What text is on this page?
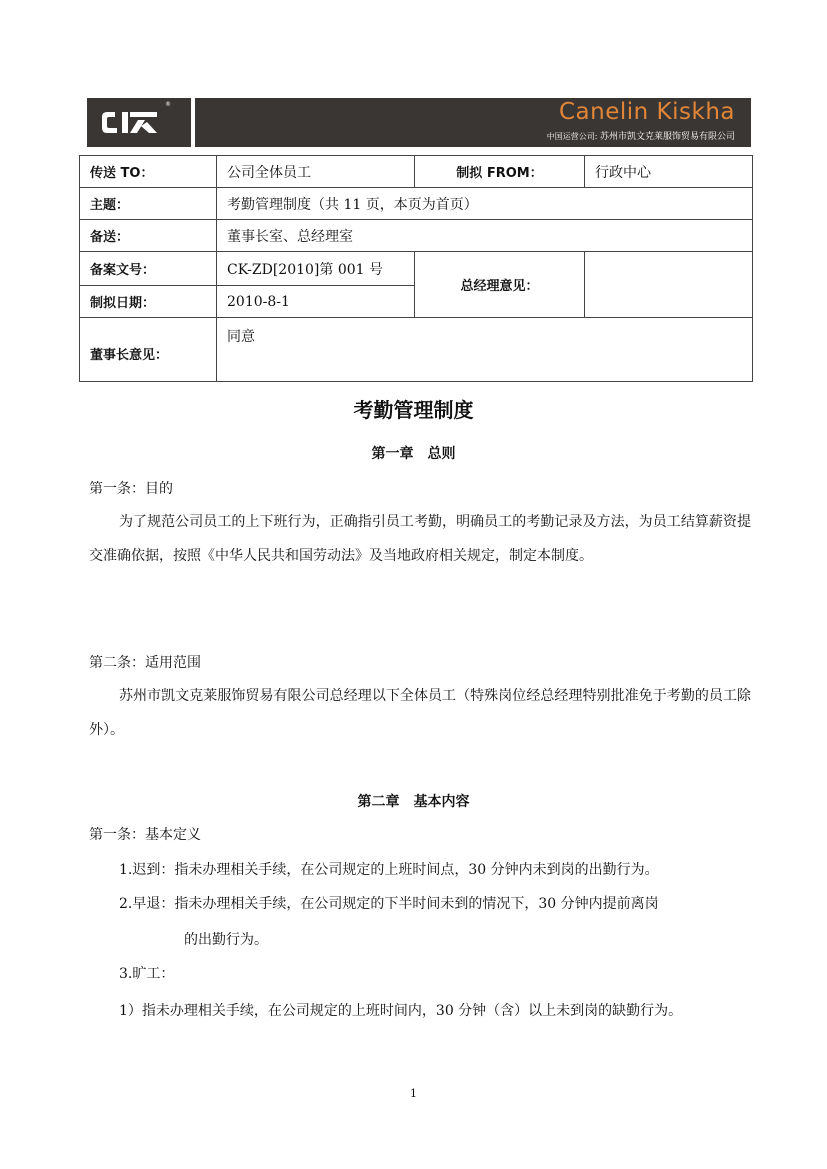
®	Canelin Kiskha
中国运营公司: 苏州市凯文克莱服饰贸易有限公司
传送 TO：	公司全体员工	制拟 FROM：	行政中心
主题：	考勤管理制度（共 11 页，本页为首页）		
备送：	董事长室、总经理室		
备案文号：	CK-ZD[2010]第 001 号	总经理意见：	
制拟日期：	2010-8-1		
董事长意见：	同意		
考勤管理制度
第一章　总则
第一条：目的
为了规范公司员工的上下班行为，正确指引员工考勤，明确员工的考勤记录及方法，为员工结算薪资提交准确依据，按照《中华人民共和国劳动法》及当地政府相关规定，制定本制度。
第二条：适用范围
苏州市凯文克莱服饰贸易有限公司总经理以下全体员工（特殊岗位经总经理特别批准免于考勤的员工除外）。
第二章　基本内容
第一条：基本定义
1.迟到：指未办理相关手续，在公司规定的上班时间点，30 分钟内未到岗的出勤行为。
2.早退：指未办理相关手续，在公司规定的下半时间未到的情况下，30 分钟内提前离岗
的出勤行为。
3.旷工：
1）指未办理相关手续，在公司规定的上班时间内，30 分钟（含）以上未到岗的缺勤行为。
1
